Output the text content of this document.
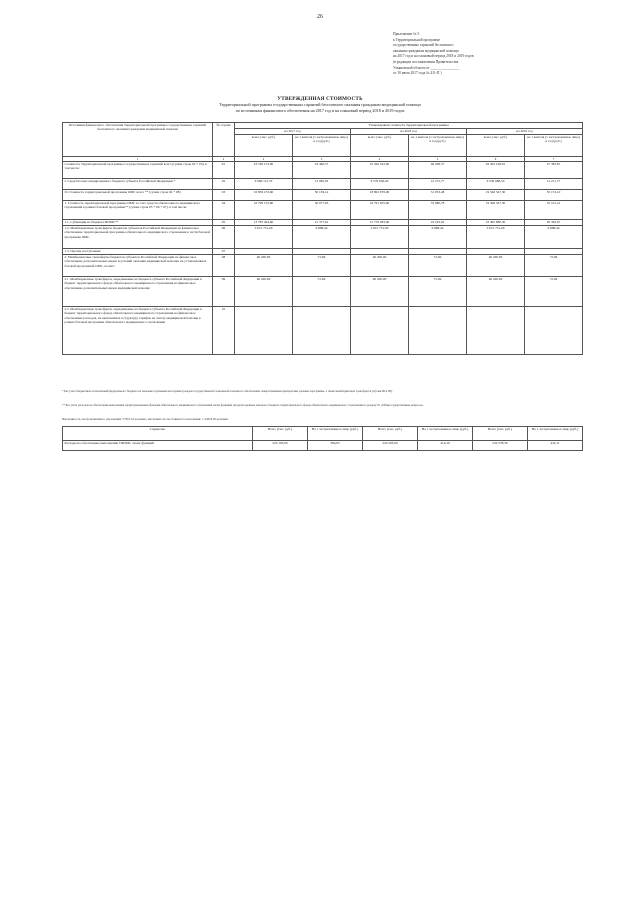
26
Приложение № 5
к Территориальной программе
государственных гарантий бесплатного
оказания гражданам медицинской помощи
на 2017 год и на плановый период 2018 и 2019 годов
(в редакции постановления Правительства
Ульяновской области от ________________
от 10 июля 2017 года № 411-П )
УТВЕРЖДЕННАЯ СТОИМОСТЬ
Территориальной программы государственных гарантий бесплатного оказания гражданам медицинской помощи
по источникам финансового обеспечения на 2017 год и на плановый период 2018 и 2019 годов
Источники финансового обеспечения Территориальной программы государственных гарантий бесплатного оказания гражданам медицинской помощи	№ строки	Утвержденная стоимость Территориальной программы					
		на 2017 год		на 2018 год		на 2019 год	
		всего (тыс. руб.)	на 1 жителя (1 застрахованное лицо) в год (руб.)	всего (тыс. руб.)	на 1 жителя (1 застрахованное лицо) в год (руб.)	всего (тыс. руб.)	на 1 жителя (1 застрахованное лицо) в год (руб.)
1	2	2	3	4	5	6	7
Стоимость Территориальной программы государственных гарантий всего (сумма строк 02 + 03), в том числе:	01	23 766 153,00	43 460,57	25 364 522,00	46 268,37	26 493 196,91	47 383,87
I. Средства консолидированного бюджета субъекта Российской Федерации *	02	6 966 112,70	13 000,02	6 576 656,00	12 272,77	6 536 686,50	12 211,77
II. Стоимость территориальной программы ОМС всего ** (сумма строк 04 + 08)	03	16 839 155,60	30 139,14	18 802 976,00	31 053,48	19 546 547,30	35 172,10
1. Стоимость территориальной программы ОМС за счет средств обязательного медицинского страхования в рамках базовой программы** (сумма строк 05 + 06 + 07), в том числе:	04	16 799 155,60	30 077,03	16 791 655,00	33 980,78	19 506 547,30	35 101,41
1.1. Субвенции из бюджета ФОМС**	05	13 783 404,60	21 377,61	15 776 083,00	24 192,92	16 492 880,30	26 356,97
1.2. Межбюджетные трансферты бюджетов субъектов Российской Федерации на финансовое обеспечение территориальной программы обязательного медицинского страхования в части базовой программы ОМС	06	3 015 751,00	9 668,44	3 015 751,00	9 668,44	3 015 751,00	9 668,44
1.3. Прочие поступления	07						
2. Межбюджетные трансферты бюджетов субъектов Российской Федерации на финансовое обеспечение дополнительных видов и условий оказания медицинской помощи, не установленных базовой программой ОМС, из них:	08	40 200,00	72,69	40 200,00	72,69	40 200,00	72,69
2.1. Межбюджетные трансферты, передаваемые из бюджета субъекта Российской Федерации в бюджет территориального фонда обязательного медицинского страхования на финансовое обеспечение дополнительных видов медицинской помощи	09	40 200,00	72,69	40 200,00	72,69	40 200,00	72,69
2.2. Межбюджетные трансферты, передаваемые из бюджета субъекта Российской Федерации в бюджет территориального фонда обязательного медицинского страхования на финансовое обеспечение расходов, не включенных в структуру тарифов на оплату медицинской помощи в рамках базовой программы обязательного медицинского страхования	10						
* Без учета бюджетных ассигнований федерального бюджета на оказание отдельным категориям граждан государственной социальной помощи по обеспечению лекарственными препаратами, целевые программы, а также межбюджетных трансфертов (строки 06 и 08).
** Без учета расходов на обеспечение выполнения территориальными фондами обязательного медицинского страхования своих функций, предусмотренных законом о бюджете территориального фонда обязательного медицинского страхования по разделу 01 «Общегосударственные вопросы».
Численность застрахованного населения: 578 014 человек; численность постоянного населения: 1 246 618 человек.
Справочно	Всего (тыс. руб.)	На 1 застрахованное лицо (руб.)	Всего (тыс. руб.)	На 1 застрахованное лицо (руб.)	Всего (тыс. руб.)	На 1 застрахованное лицо (руб.)
Расходы на обеспечение выполнения ТФОМС своих функций	220 193,00	394,05	220 203,00	414,50	234 578,30	432,11
